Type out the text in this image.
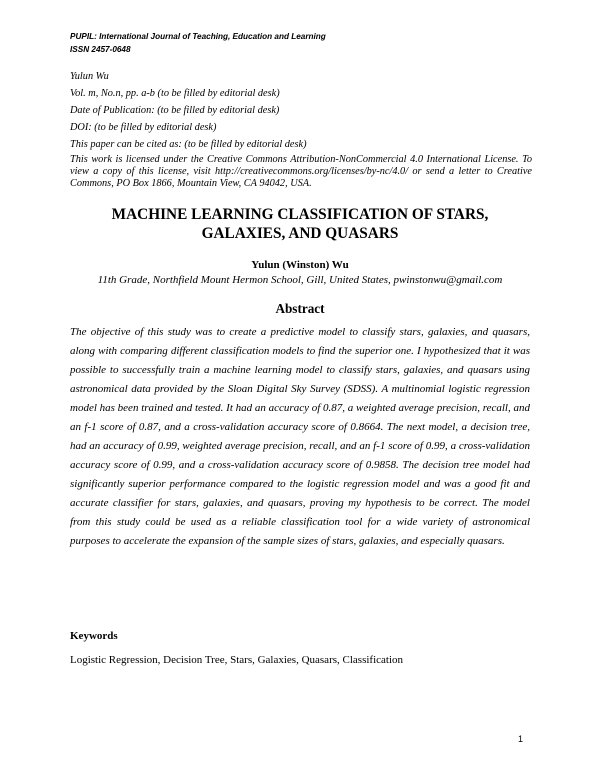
PUPIL: International Journal of Teaching, Education and Learning
ISSN 2457-0648
Yulun Wu
Vol. m, No.n, pp. a-b (to be filled by editorial desk)
Date of Publication: (to be filled by editorial desk)
DOI: (to be filled by editorial desk)
This paper can be cited as: (to be filled by editorial desk)
This work is licensed under the Creative Commons Attribution-NonCommercial 4.0 International License. To view a copy of this license, visit http://creativecommons.org/licenses/by-nc/4.0/ or send a letter to Creative Commons, PO Box 1866, Mountain View, CA 94042, USA.
MACHINE LEARNING CLASSIFICATION OF STARS,
GALAXIES, AND QUASARS
Yulun (Winston) Wu
11th Grade, Northfield Mount Hermon School, Gill, United States, pwinstonwu@gmail.com
Abstract
The objective of this study was to create a predictive model to classify stars, galaxies, and quasars, along with comparing different classification models to find the superior one. I hypothesized that it was possible to successfully train a machine learning model to classify stars, galaxies, and quasars using astronomical data provided by the Sloan Digital Sky Survey (SDSS). A multinomial logistic regression model has been trained and tested. It had an accuracy of 0.87, a weighted average precision, recall, and an f-1 score of 0.87, and a cross-validation accuracy score of 0.8664. The next model, a decision tree, had an accuracy of 0.99, weighted average precision, recall, and an f-1 score of 0.99, a cross-validation accuracy score of 0.99, and a cross-validation accuracy score of 0.9858. The decision tree model had significantly superior performance compared to the logistic regression model and was a good fit and accurate classifier for stars, galaxies, and quasars, proving my hypothesis to be correct. The model from this study could be used as a reliable classification tool for a wide variety of astronomical purposes to accelerate the expansion of the sample sizes of stars, galaxies, and especially quasars.
Keywords
Logistic Regression, Decision Tree, Stars, Galaxies, Quasars, Classification
1
